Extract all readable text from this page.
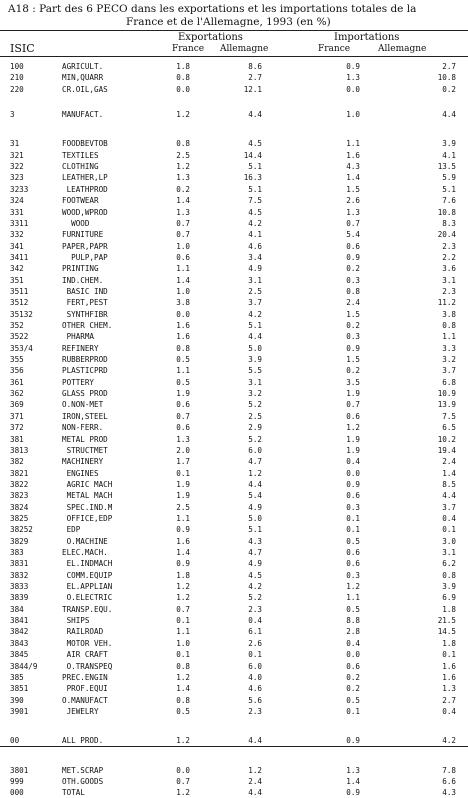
A18 : Part des 6 PECO dans les exportations et les importations totales de la
France et de l'Allemagne, 1993 (en %)
Exportations	Importations
ISIC	France Allemagne	France	Allemagne
100	AGRICULT.	1.8	8.6	0.9	2.7
210	MIN,QUARR	0.8	2.7	1.3	10.8
220	CR.OIL,GAS	0.0	12.1	0.0	0.2
3	MANUFACT.	1.2	4.4	1.0	4.4
31	FOODBEVTOB	0.8	4.5	1.1	3.9
321	TEXTILES	2.5	14.4	1.6	4.1
322	CLOTHING	1.2	5.1	4.3	13.5
323	LEATHER,LP	1.3	16.3	1.4	5.9
3233	LEATHPROD	0.2	5.1	1.5	5.1
324	FOOTWEAR	1.4	7.5	2.6	7.6
331	WOOD,WPROD	1.3	4.5	1.3	10.8
3311	WOOD	0.7	4.2	0.7	8.3
332	FURNITURE	0.7	4.1	5.4	20.4
341	PAPER,PAPR	1.0	4.6	0.6	2.3
3411	PULP,PAP	0.6	3.4	0.9	2.2
342	PRINTING	1.1	4.9	0.2	3.6
351	IND.CHEM.	1.4	3.1	0.3	3.1
3511	BASIC IND	1.0	2.5	0.8	2.3
3512	FERT,PEST	3.8	3.7	2.4	11.2
35132	SYNTHFIBR	0.0	4.2	1.5	3.8
352	OTHER CHEM.	1.6	5.1	0.2	0.8
3522	PHARMA	1.6	4.4	0.3	1.1
353/4	REFINERY	0.8	5.0	0.9	3.3
355	RUBBERPROD	0.5	3.9	1.5	3.2
356	PLASTICPRD	1.1	5.5	0.2	3.7
361	POTTERY	0.5	3.1	3.5	6.8
362	GLASS PROD	1.9	3.2	1.9	10.9
369	O.NON-MET	0.6	5.2	0.7	13.9
371	IRON,STEEL	0.7	2.5	0.6	7.5
372	NON-FERR.	0.6	2.9	1.2	6.5
381	METAL PROD	1.3	5.2	1.9	10.2
3813	STRUCTMET	2.0	6.0	1.9	19.4
382	MACHINERY	1.7	4.7	0.4	2.4
3821	ENGINES	0.1	1.2	0.0	1.4
3822	AGRIC MACH	1.9	4.4	0.9	8.5
3823	METAL MACH	1.9	5.4	0.6	4.4
3824	SPEC.IND.M	2.5	4.9	0.3	3.7
3825	OFFICE,EDP	1.1	5.0	0.1	0.4
38252	EDP	0.9	5.1	0.1	0.1
3829	O.MACHINE	1.6	4.3	0.5	3.0
383	ELEC.MACH.	1.4	4.7	0.6	3.1
3831	EL.INDMACH	0.9	4.9	0.6	6.2
3832	COMM.EQUIP	1.8	4.5	0.3	0.8
3833	EL.APPLIAN	1.2	4.2	1.2	3.9
3839	O.ELECTRIC	1.2	5.2	1.1	6.9
384	TRANSP.EQU.	0.7	2.3	0.5	1.8
3841	SHIPS	0.1	0.4	8.8	21.5
3842	RAILROAD	1.1	6.1	2.8	14.5
3843	MOTOR VEH.	1.0	2.6	0.4	1.8
3845	AIR CRAFT	0.1	0.1	0.0	0.1
3844/9	O.TRANSPEQ	0.8	6.0	0.6	1.6
385	PREC.ENGIN	1.2	4.0	0.2	1.6
3851	PROF.EQUI	1.4	4.6	0.2	1.3
390	O.MANUFACT	0.8	5.6	0.5	2.7
3901	JEWELRY	0.5	2.3	0.1	0.4
00	ALL PROD.	1.2	4.4	0.9	4.2
3801	MET.SCRAP	0.0	1.2	1.3	7.8
999	OTH.GOODS	0.7	2.4	1.4	6.6
000	TOTAL	1.2	4.4	0.9	4.3
